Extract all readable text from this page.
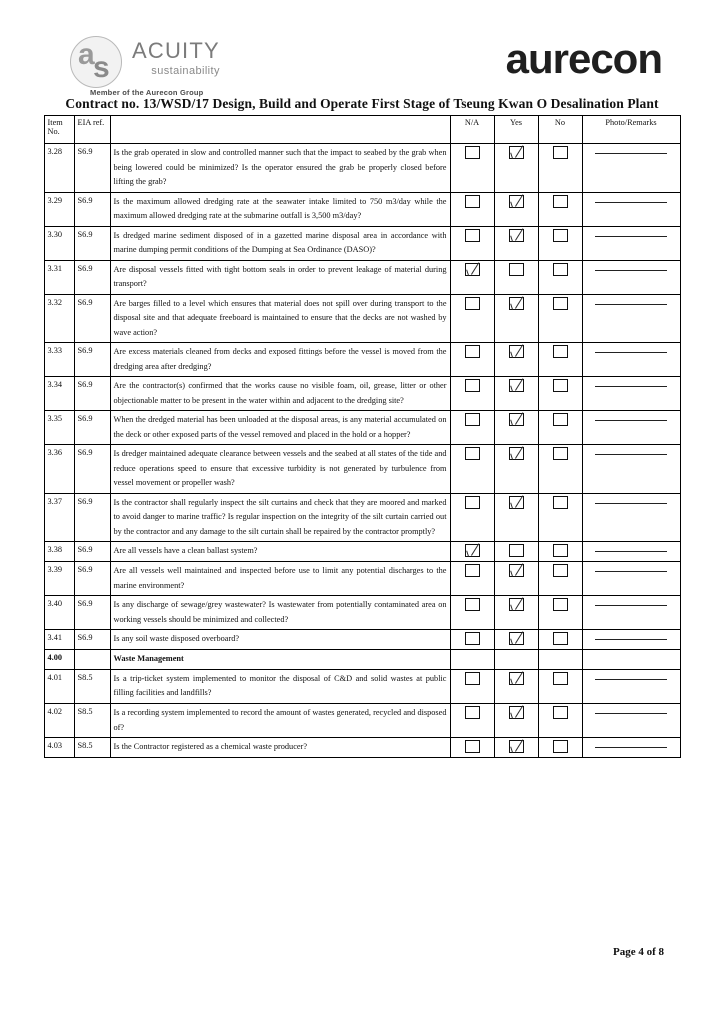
a
s
ACUITY
sustainability
Member of the Aurecon Group
aurecon
Contract no. 13/WSD/17 Design, Build and Operate First Stage of Tseung Kwan O Desalination Plant
Item
No.	EIA ref.		N/A	Yes	No	Photo/Remarks
3.28	S6.9	Is the grab operated in slow and controlled manner such that the impact to seabed by the grab when being lowered could be minimized? Is the operator ensured the grab be properly closed before lifting the grab?				

3.29	S6.9	Is the maximum allowed dredging rate at the seawater intake limited to 750 m3/day while the maximum allowed dredging rate at the submarine outfall is 3,500 m3/day?				

3.30	S6.9	Is dredged marine sediment disposed of in a gazetted marine disposal area in accordance with marine dumping permit conditions of the Dumping at Sea Ordinance (DASO)?				

3.31	S6.9	Are disposal vessels fitted with tight bottom seals in order to prevent leakage of material during transport?				

3.32	S6.9	Are barges filled to a level which ensures that material does not spill over during transport to the disposal site and that adequate freeboard is maintained to ensure that the decks are not washed by wave action?				

3.33	S6.9	Are excess materials cleaned from decks and exposed fittings before the vessel is moved from the dredging area after dredging?				

3.34	S6.9	Are the contractor(s) confirmed that the works cause no visible foam, oil, grease, litter or other objectionable matter to be present in the water within and adjacent to the dredging site?				

3.35	S6.9	When the dredged material has been unloaded at the disposal areas, is any material accumulated on the deck or other exposed parts of the vessel removed and placed in the hold or a hopper?				

3.36	S6.9	Is dredger maintained adequate clearance between vessels and the seabed at all states of the tide and reduce operations speed to ensure that excessive turbidity is not generated by turbulence from vessel movement or propeller wash?				

3.37	S6.9	Is the contractor shall regularly inspect the silt curtains and check that they are moored and marked to avoid danger to marine traffic? Is regular inspection on the integrity of the silt curtain carried out by the contractor and any damage to the silt curtain shall be repaired by the contractor promptly?				

3.38	S6.9	Are all vessels have a clean ballast system?				

3.39	S6.9	Are all vessels well maintained and inspected before use to limit any potential discharges to the marine environment?				

3.40	S6.9	Is any discharge of sewage/grey wastewater? Is wastewater from potentially contaminated area on working vessels should be minimized and collected?				

3.41	S6.9	Is any soil waste disposed overboard?				

4.00		Waste Management				
4.01	S8.5	Is a trip-ticket system implemented to monitor the disposal of C&D and solid wastes at public filling facilities and landfills?				

4.02	S8.5	Is a recording system implemented to record the amount of wastes generated, recycled and disposed of?				

4.03	S8.5	Is the Contractor registered as a chemical waste producer?				
Page 4 of 8
